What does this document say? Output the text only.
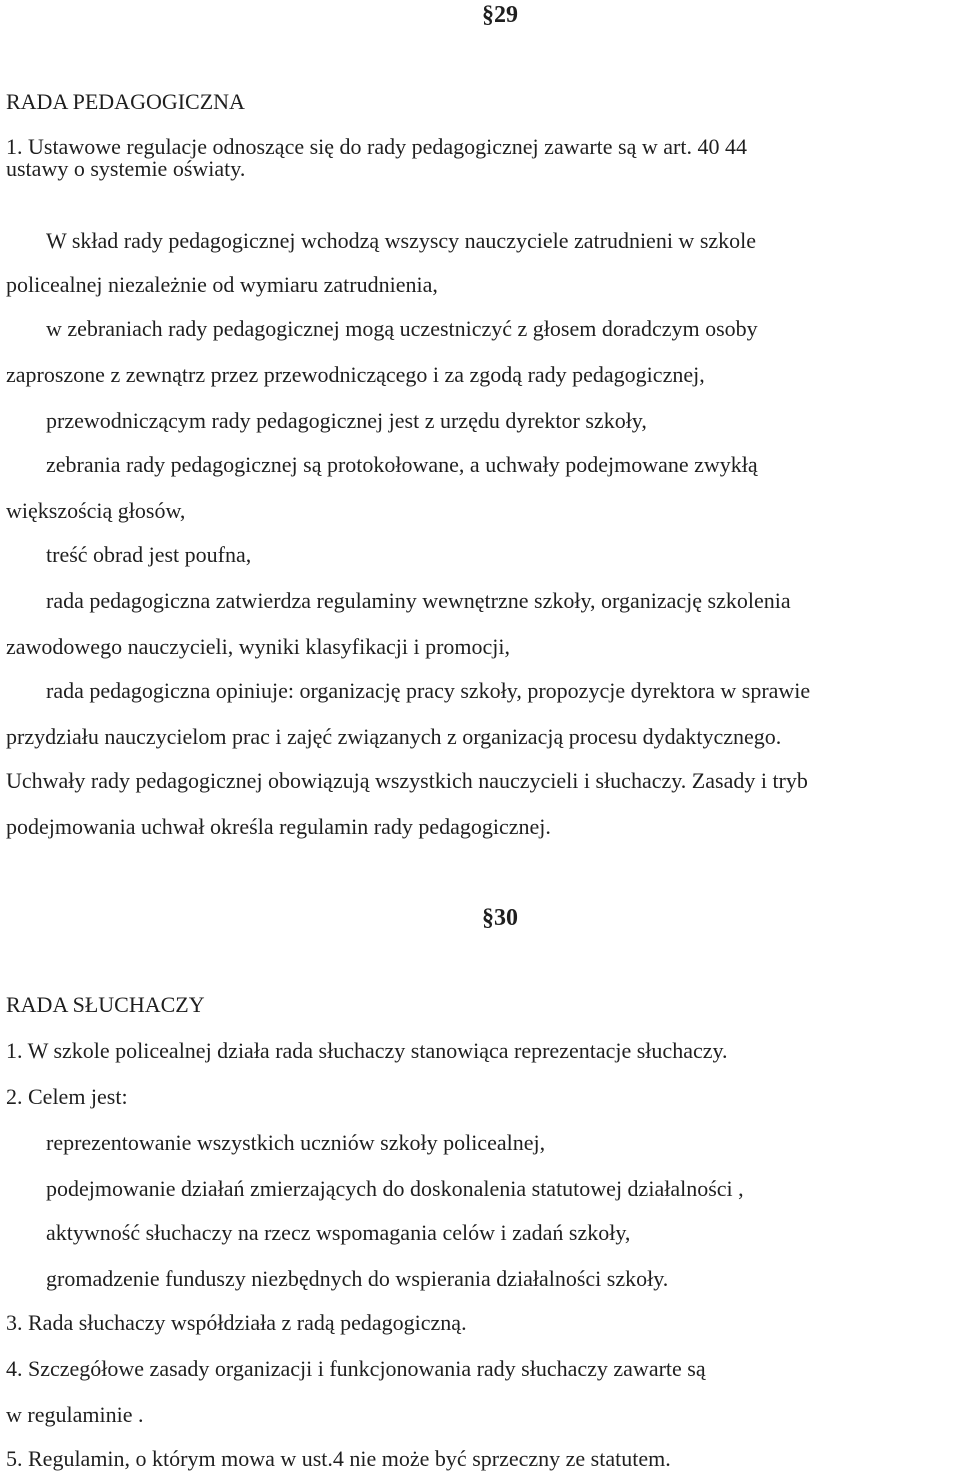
§29
RADA PEDAGOGICZNA
1. Ustawowe regulacje odnoszące się do rady pedagogicznej zawarte są w art. 40 44
ustawy o systemie oświaty.
W skład rady pedagogicznej wchodzą wszyscy nauczyciele zatrudnieni w szkole
policealnej niezależnie od wymiaru zatrudnienia,
w zebraniach rady pedagogicznej mogą uczestniczyć z głosem doradczym osoby
zaproszone z zewnątrz przez przewodniczącego i za zgodą rady pedagogicznej,
przewodniczącym rady pedagogicznej jest z urzędu dyrektor szkoły,
zebrania rady pedagogicznej są protokołowane, a uchwały podejmowane zwykłą
większością głosów,
treść obrad jest poufna,
rada pedagogiczna zatwierdza regulaminy wewnętrzne szkoły, organizację szkolenia
zawodowego nauczycieli, wyniki klasyfikacji i promocji,
rada pedagogiczna opiniuje: organizację pracy szkoły, propozycje dyrektora w sprawie
przydziału nauczycielom prac i zajęć związanych z organizacją procesu dydaktycznego.
Uchwały rady pedagogicznej obowiązują wszystkich nauczycieli i słuchaczy. Zasady i tryb
podejmowania uchwał określa regulamin rady pedagogicznej.
§30
RADA SŁUCHACZY
1. W szkole policealnej działa rada słuchaczy stanowiąca reprezentacje słuchaczy.
2. Celem jest:
reprezentowanie wszystkich uczniów szkoły policealnej,
podejmowanie działań zmierzających do doskonalenia statutowej działalności ,
aktywność słuchaczy na rzecz wspomagania celów i zadań szkoły,
gromadzenie funduszy niezbędnych do wspierania działalności szkoły.
3. Rada słuchaczy współdziała z radą pedagogiczną.
4. Szczegółowe zasady organizacji i funkcjonowania rady słuchaczy zawarte są
w regulaminie .
5. Regulamin, o którym mowa w ust.4 nie może być sprzeczny ze statutem.
